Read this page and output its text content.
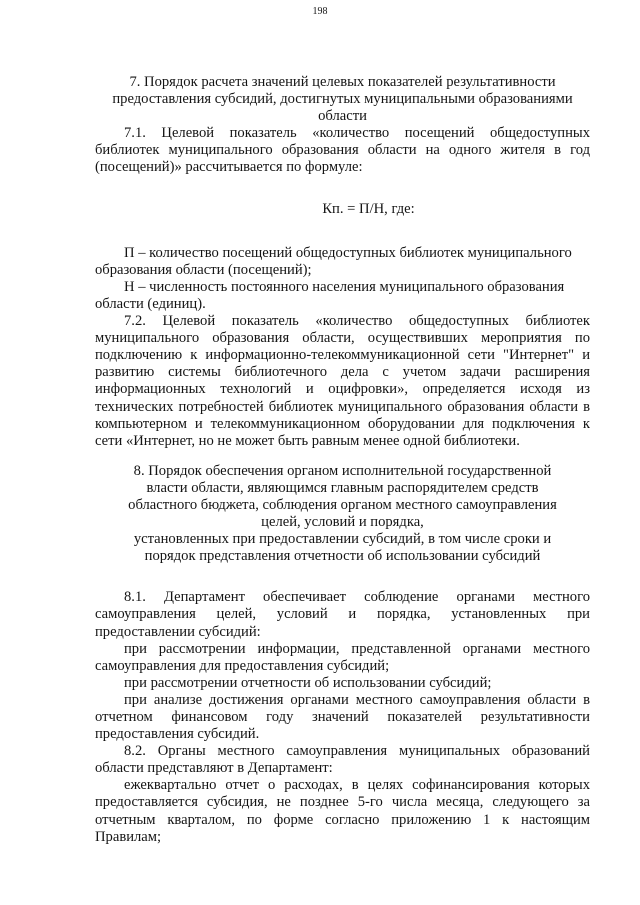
198
7. Порядок расчета значений целевых показателей результативности
предоставления субсидий, достигнутых муниципальными образованиями
области

7.1. Целевой показатель «количество посещений общедоступных библиотек муниципального образования области на одного жителя в год (посещений)» рассчитывается по формуле:

Кп. = П/Н, где:
П – количество посещений общедоступных библиотек муниципального
образования области (посещений);
Н – численность постоянного населения муниципального образования
области (единиц).

7.2. Целевой показатель «количество общедоступных библиотек муниципального образования области, осуществивших мероприятия по подключению к информационно-телекоммуникационной сети "Интернет" и развитию системы библиотечного дела с учетом задачи расширения информационных технологий и оцифровки», определяется исходя из технических потребностей библиотек муниципального образования области в компьютерном и телекоммуникационном оборудовании для подключения к сети «Интернет, но не может быть равным менее одной библиотеки.

8. Порядок обеспечения органом исполнительной государственной
власти области, являющимся главным распорядителем средств
областного бюджета, соблюдения органом местного самоуправления
целей, условий и порядка,
установленных при предоставлении субсидий, в том числе сроки и
порядок представления отчетности об использовании субсидий

8.1. Департамент обеспечивает соблюдение органами местного самоуправления целей, условий и порядка, установленных при предоставлении субсидий:

при рассмотрении информации, представленной органами местного самоуправления для предоставления субсидий;

при рассмотрении отчетности об использовании субсидий;

при анализе достижения органами местного самоуправления области в отчетном финансовом году значений показателей результативности предоставления субсидий.

8.2. Органы местного самоуправления муниципальных образований области представляют в Департамент:

ежеквартально отчет о расходах, в целях софинансирования которых предоставляется субсидия, не позднее 5-го числа месяца, следующего за отчетным кварталом, по форме согласно приложению 1 к настоящим Правилам;
